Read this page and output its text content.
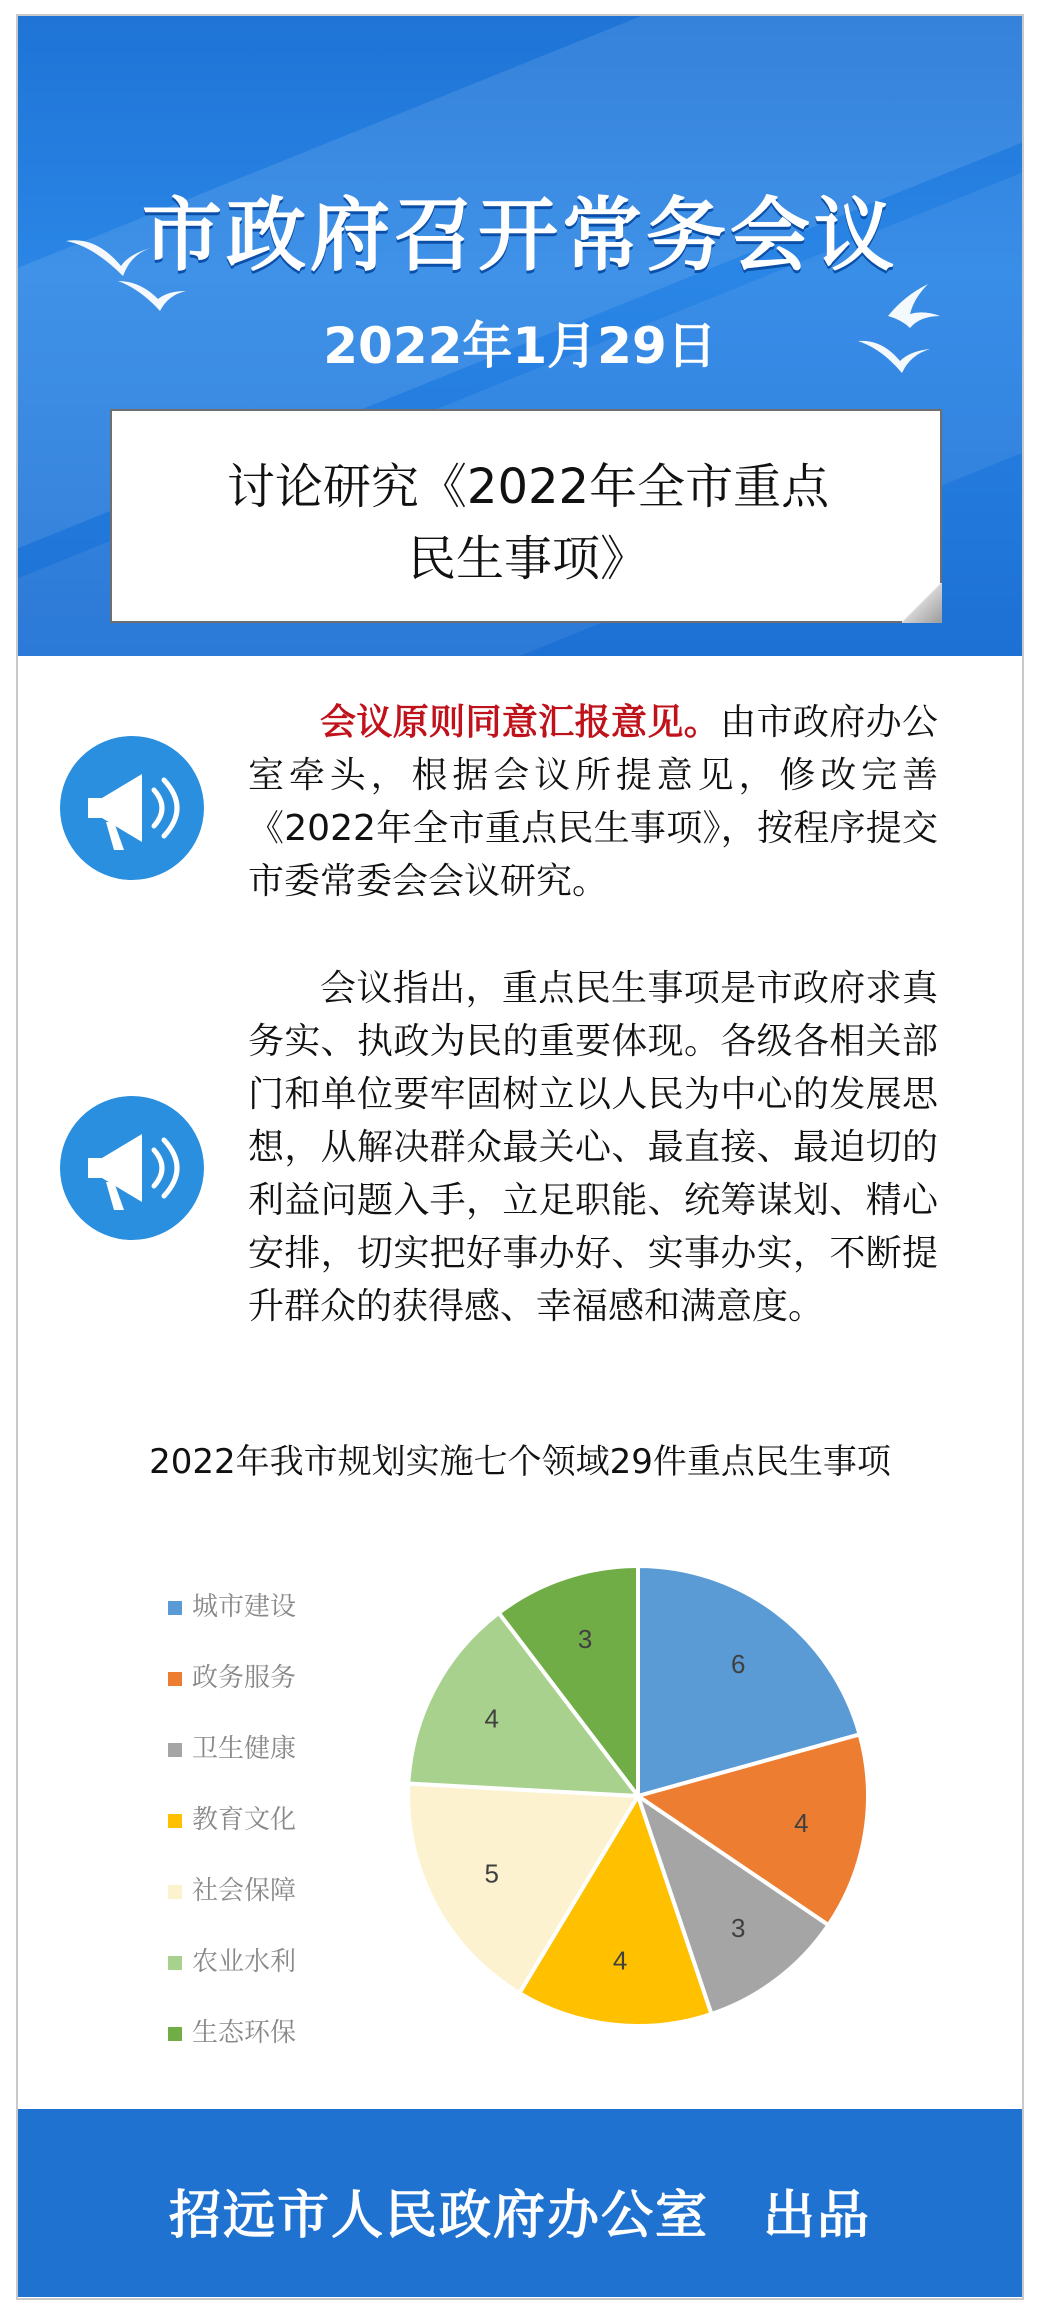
市政府召开常务会议
2022年1月29日
讨论研究《2022年全市重点
民生事项》
会议原则同意汇报意见。由市政府办公室牵头，根据会议所提意见，修改完善《2022年全市重点民生事项》，按程序提交市委常委会会议研究。
会议指出，重点民生事项是市政府求真务实、执政为民的重要体现。各级各相关部门和单位要牢固树立以人民为中心的发展思想，从解决群众最关心、最直接、最迫切的利益问题入手，立足职能、统筹谋划、精心安排，切实把好事办好、实事办实，不断提升群众的获得感、幸福感和满意度。
2022年我市规划实施七个领域29件重点民生事项
城市建设
政务服务
卫生健康
教育文化
社会保障
农业水利
生态环保
6
4
3
4
5
4
3
招远市人民政府办公室　出品
